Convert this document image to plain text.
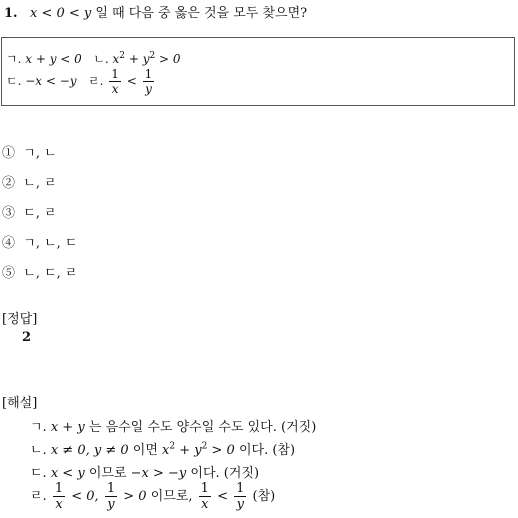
1. x < 0 < y 일 때 다음 중 옳은 것을 모두 찾으면?
ㄱ. x + y < 0 ㄴ. $x^2 + y^2 > 0$
ㄷ. −x < −y ㄹ. $\frac{1}{x} < \frac{1}{y}$
① ㄱ, ㄴ
② ㄴ, ㄹ
③ ㄷ, ㄹ
④ ㄱ, ㄴ, ㄷ
⑤ ㄴ, ㄷ, ㄹ
[정답]
2
[해설]
ㄱ. x + y 는 음수일 수도 양수일 수도 있다. (거짓)
ㄴ. x ≠ 0, y ≠ 0 이면 $x^2 + y^2 > 0$ 이다. (참)
ㄷ. x < y 이므로 −x > −y 이다. (거짓)
ㄹ. $\frac{1}{x} < 0$, $\frac{1}{y} > 0$ 이므로, $\frac{1}{x} < \frac{1}{y}$ (참)
